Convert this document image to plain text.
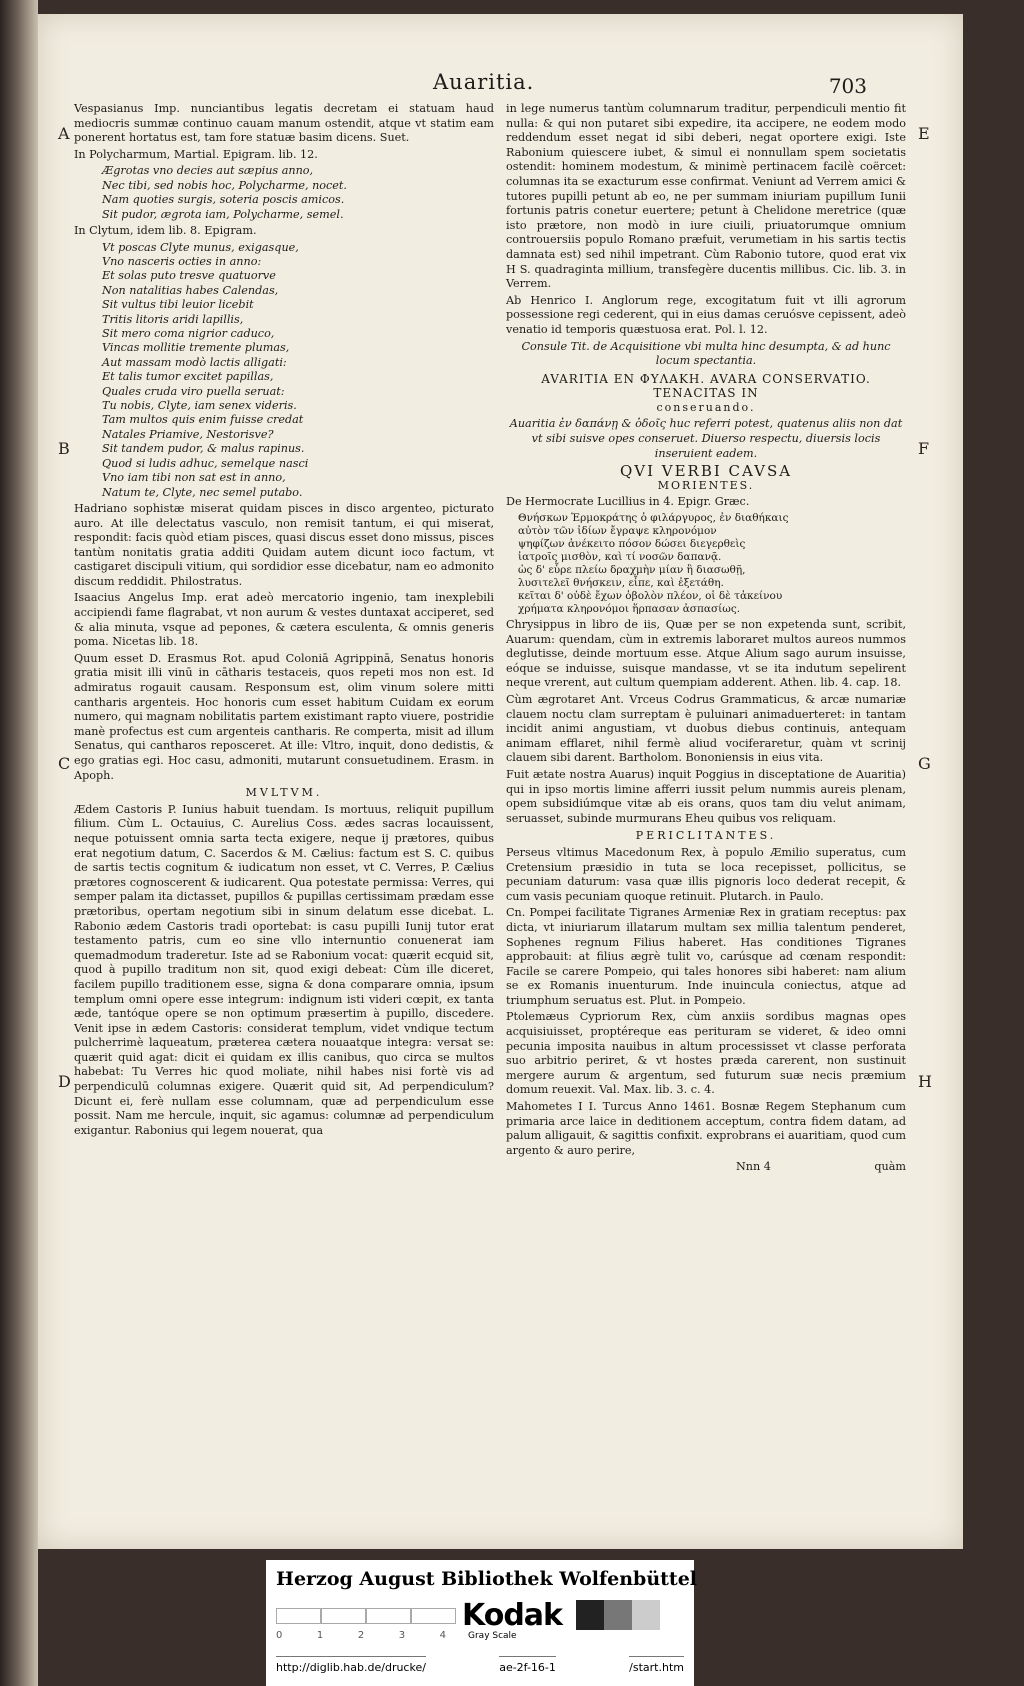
Auaritia.	703
A
B
C
D
E
F
G
H

Vespasianus Imp. nunciantibus legatis decretam ei statuam haud mediocris summæ continuo cauam manum ostendit, atque vt statim eam ponerent hortatus est, tam fore statuæ basim dicens. Suet.

In Polycharmum, Martial. Epigram. lib. 12.

Ægrotas vno decies aut sæpius anno,
Nec tibi, sed nobis hoc, Polycharme, nocet.
Nam quoties surgis, soteria poscis amicos.
Sit pudor, ægrota iam, Polycharme, semel.

In Clytum, idem lib. 8. Epigram.

Vt poscas Clyte munus, exigasque,
Vno nasceris octies in anno:
Et solas puto tresve quatuorve
Non natalitias habes Calendas,
Sit vultus tibi leuior licebit
Tritis litoris aridi lapillis,
Sit mero coma nigrior caduco,
Vincas mollitie tremente plumas,
Aut massam modò lactis alligati:
Et talis tumor excitet papillas,
Quales cruda viro puella seruat:
Tu nobis, Clyte, iam senex videris.
Tam multos quis enim fuisse credat
Natales Priamive, Nestorisve?
Sit tandem pudor, & malus rapinus.
Quod si ludis adhuc, semelque nasci
Vno iam tibi non sat est in anno,
Natum te, Clyte, nec semel putabo.

Hadriano sophistæ miserat quidam pisces in disco argenteo, picturato auro. At ille delectatus vasculo, non remisit tantum, ei qui miserat, respondit: facis quòd etiam pisces, quasi discus esset dono missus, pisces tantùm nonitatis gratia additi Quidam autem dicunt ioco factum, vt castigaret discipuli vitium, qui sordidior esse dicebatur, nam eo admonito discum reddidit. Philostratus.

Isaacius Angelus Imp. erat adeò mercatorio ingenio, tam inexplebili accipiendi fame flagrabat, vt non aurum & vestes duntaxat acciperet, sed & alia minuta, vsque ad pepones, & cætera esculenta, & omnis generis poma. Nicetas lib. 18.

Quum esset D. Erasmus Rot. apud Coloniā Agrippinā, Senatus honoris gratia misit illi vinū in cātharis testaceis, quos repeti mos non est. Id admiratus rogauit causam. Responsum est, olim vinum solere mitti cantharis argenteis. Hoc honoris cum esset habitum Cuidam ex eorum numero, qui magnam nobilitatis partem existimant rapto viuere, postridie manè profectus est cum argenteis cantharis. Re comperta, misit ad illum Senatus, qui cantharos reposceret. At ille: Vltro, inquit, dono dedistis, & ego gratias egi. Hoc casu, admoniti, mutarunt consuetudinem. Erasm. in Apoph.

MVLTVM.

Ædem Castoris P. Iunius habuit tuendam. Is mortuus, reliquit pupillum filium. Cùm L. Octauius, C. Aurelius Coss. ædes sacras locauissent, neque potuissent omnia sarta tecta exigere, neque ij prætores, quibus erat negotium datum, C. Sacerdos & M. Cælius: factum est S. C. quibus de sartis tectis cognitum & iudicatum non esset, vt C. Verres, P. Cælius prætores cognoscerent & iudicarent. Qua potestate permissa: Verres, qui semper palam ita dictasset, pupillos & pupillas certissimam prædam esse prætoribus, opertam negotium sibi in sinum delatum esse dicebat. L. Rabonio ædem Castoris tradi oportebat: is casu pupilli Iunij tutor erat testamento patris, cum eo sine vllo internuntio conuenerat iam quemadmodum traderetur. Iste ad se Rabonium vocat: quærit ecquid sit, quod à pupillo traditum non sit, quod exigi debeat: Cùm ille diceret, facilem pupillo traditionem esse, signa & dona comparare omnia, ipsum templum omni opere esse integrum: indignum isti videri cœpit, ex tanta æde, tantóque opere se non optimum præsertim à pupillo, discedere. Venit ipse in ædem Castoris: considerat templum, videt vndique tectum pulcherrimè laqueatum, præterea cætera nouaatque integra: versat se: quærit quid agat: dicit ei quidam ex illis canibus, quo circa se multos habebat: Tu Verres hic quod moliate, nihil habes nisi fortè vis ad perpendiculū columnas exigere. Quærit quid sit, Ad perpendiculum? Dicunt ei, ferè nullam esse columnam, quæ ad perpendiculum esse possit. Nam me hercule, inquit, sic agamus: columnæ ad perpendiculum exigantur. Rabonius qui legem nouerat, qua

in lege numerus tantùm columnarum traditur, perpendiculi mentio fit nulla: & qui non putaret sibi expedire, ita accipere, ne eodem modo reddendum esset negat id sibi deberi, negat oportere exigi. Iste Rabonium quiescere iubet, & simul ei nonnullam spem societatis ostendit: hominem modestum, & minimè pertinacem facilè coërcet: columnas ita se exacturum esse confirmat. Veniunt ad Verrem amici & tutores pupilli petunt ab eo, ne per summam iniuriam pupillum Iunii fortunis patris conetur euertere; petunt à Chelidone meretrice (quæ isto prætore, non modò in iure ciuili, priuatorumque omnium controuersiis populo Romano præfuit, verumetiam in his sartis tectis damnata est) sed nihil impetrant. Cùm Rabonio tutore, quod erat vix H S. quadraginta millium, transfegère ducentis millibus. Cic. lib. 3. in Verrem.

Ab Henrico I. Anglorum rege, excogitatum fuit vt illi agrorum possessione regi cederent, qui in eius damas ceruósve cepissent, adeò venatio id temporis quæstuosa erat. Pol. l. 12.

Consule Tit. de Acquisitione vbi multa hinc desumpta, & ad hunc locum spectantia.

AVARITIA EN ΦΥΛΑΚΗ. AVARA CONSERVATIO. TENACITAS IN
conseruando.

Auaritia ἐν δαπάνῃ & ὁδοῖς huc referri potest, quatenus aliis non dat vt sibi suisve opes conseruet. Diuerso respectu, diuersis locis inseruient eadem.

QVI VERBI CAVSA
MORIENTES.

De Hermocrate Lucillius in 4. Epigr. Græc.

Θνήσκων Ἑρμοκράτης ὁ φιλάργυρος, ἐν διαθήκαις
αὐτὸν τῶν ἰδίων ἔγραψε κληρονόμον
ψηφίζων ἀνέκειτο πόσον δώσει διεγερθεὶς
ἰατροῖς μισθὸν, καὶ τί νοσῶν δαπανᾷ.
ὡς δ' εὗρε πλείω δραχμὴν μίαν ἢ διασωθῇ,
λυσιτελεῖ θνήσκειν, εἶπε, καὶ ἐξετάθη.
κεῖται δ' οὐδὲ ἔχων ὀβολὸν πλέον, οἱ δὲ τἀκείνου
χρήματα κληρονόμοι ἥρπασαν ἀσπασίως.

Chrysippus in libro de iis, Quæ per se non expetenda sunt, scribit, Auarum: quendam, cùm in extremis laboraret multos aureos nummos deglutisse, deinde mortuum esse. Atque Alium sago aurum insuisse, eóque se induisse, suisque mandasse, vt se ita indutum sepelirent neque vrerent, aut cultum quempiam adderent. Athen. lib. 4. cap. 18.

Cùm ægrotaret Ant. Vrceus Codrus Grammaticus, & arcæ numariæ clauem noctu clam surreptam è puluinari animaduerteret: in tantam incidit animi angustiam, vt duobus diebus continuis, antequam animam efflaret, nihil fermè aliud vociferaretur, quàm vt scrinij clauem sibi darent. Bartholom. Bononiensis in eius vita.

Fuit ætate nostra Auarus) inquit Poggius in disceptatione de Auaritia) qui in ipso mortis limine afferri iussit pelum nummis aureis plenam, opem subsidiúmque vitæ ab eis orans, quos tam diu velut animam, seruasset, subinde murmurans Eheu quibus vos reliquam.

PERICLITANTES.

Perseus vltimus Macedonum Rex, à populo Æmilio superatus, cum Cretensium præsidio in tuta se loca recepisset, pollicitus, se pecuniam daturum: vasa quæ illis pignoris loco dederat recepit, & cum vasis pecuniam quoque retinuit. Plutarch. in Paulo.

Cn. Pompei facilitate Tigranes Armeniæ Rex in gratiam receptus: pax dicta, vt iniuriarum illatarum multam sex millia talentum penderet, Sophenes regnum Filius haberet. Has conditiones Tigranes approbauit: at filius ægrè tulit vo, carúsque ad cœnam respondit: Facile se carere Pompeio, qui tales honores sibi haberet: nam alium se ex Romanis inuenturum. Inde inuincula coniectus, atque ad triumphum seruatus est. Plut. in Pompeio.

Ptolemæus Cypriorum Rex, cùm anxiis sordibus magnas opes acquisiuisset, proptéreque eas perituram se videret, & ideo omni pecunia imposita nauibus in altum processisset vt classe perforata suo arbitrio periret, & vt hostes præda carerent, non sustinuit mergere aurum & argentum, sed futurum suæ necis præmium domum reuexit. Val. Max. lib. 3. c. 4.

Mahometes I I. Turcus Anno 1461. Bosnæ Regem Stephanum cum primaria arce laice in deditionem acceptum, contra fidem datam, ad palum alligauit, & sagittis confixit. exprobrans ei auaritiam, quod cum argento & auro perire,

Nnn 4	quàm
Herzog August Bibliothek Wolfenbüttel
0	1	2	3	4
Kodak
Gray Scale
http://diglib.hab.de/drucke/	ae-2f-16-1	/start.htm
